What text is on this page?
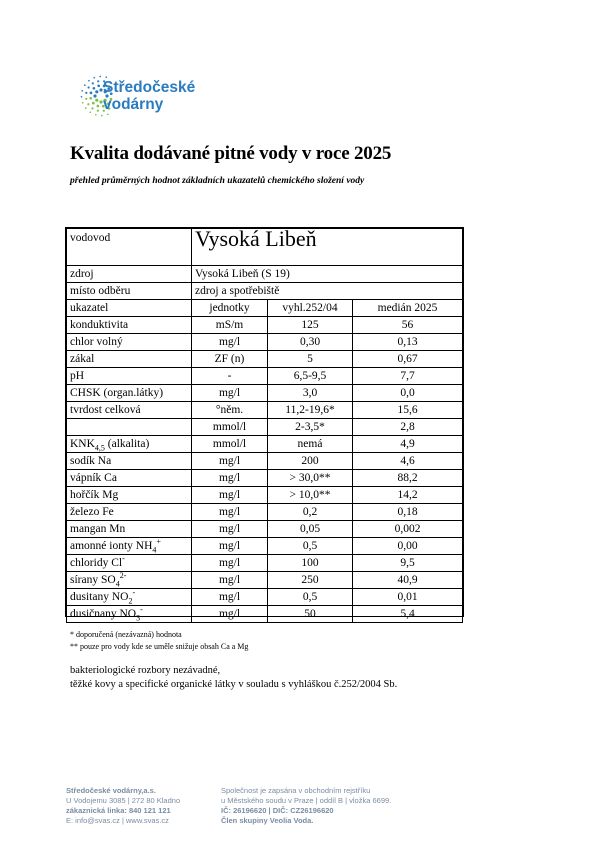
Středočeské
vodárny
Kvalita dodávané pitné vody v roce 2025
přehled průměrných hodnot základních ukazatelů chemického složení vody
vodovod	Vysoká Libeň		
zdroj	Vysoká Libeň (S 19)		
místo odběru	zdroj a spotřebiště		
ukazatel	jednotky	vyhl.252/04	medián 2025
konduktivita	mS/m	125	56
chlor volný	mg/l	0,30	0,13
zákal	ZF (n)	5	0,67
pH	-	6,5-9,5	7,7
CHSK (organ.látky)	mg/l	3,0	0,0
tvrdost celková	°něm.	11,2-19,6*	15,6
	mmol/l	2-3,5*	2,8
$KNK_{4,5}$ (alkalita)	mmol/l	nemá	4,9
sodík Na	mg/l	200	4,6
vápník Ca	mg/l	> 30,0**	88,2
hořčík Mg	mg/l	> 10,0**	14,2
železo Fe	mg/l	0,2	0,18
mangan Mn	mg/l	0,05	0,002
amonné ionty $NH_4^+$	mg/l	0,5	0,00
chloridy Cl-	mg/l	100	9,5
sírany $SO_4^{2-}$	mg/l	250	40,9
dusitany $NO_2^-$	mg/l	0,5	0,01
dusičnany $NO_3^-$	mg/l	50	5,4
* doporučená (nezávazná) hodnota
** pouze pro vody kde se uměle snižuje obsah Ca a Mg
bakteriologické rozbory nezávadné,
těžké kovy a specifické organické látky v souladu s vyhláškou č.252/2004 Sb.
Středočeské vodárny,a.s.
U Vodojemu 3085 | 272 80 Kladno
zákaznická linka: 840 121 121
E: info@svas.cz | www.svas.cz
Společnost je zapsána v obchodním rejstříku
u Městského soudu v Praze | oddíl B | vložka 6699.
IČ: 26196620 | DIČ: CZ26196620
Člen skupiny Veolia Voda.
